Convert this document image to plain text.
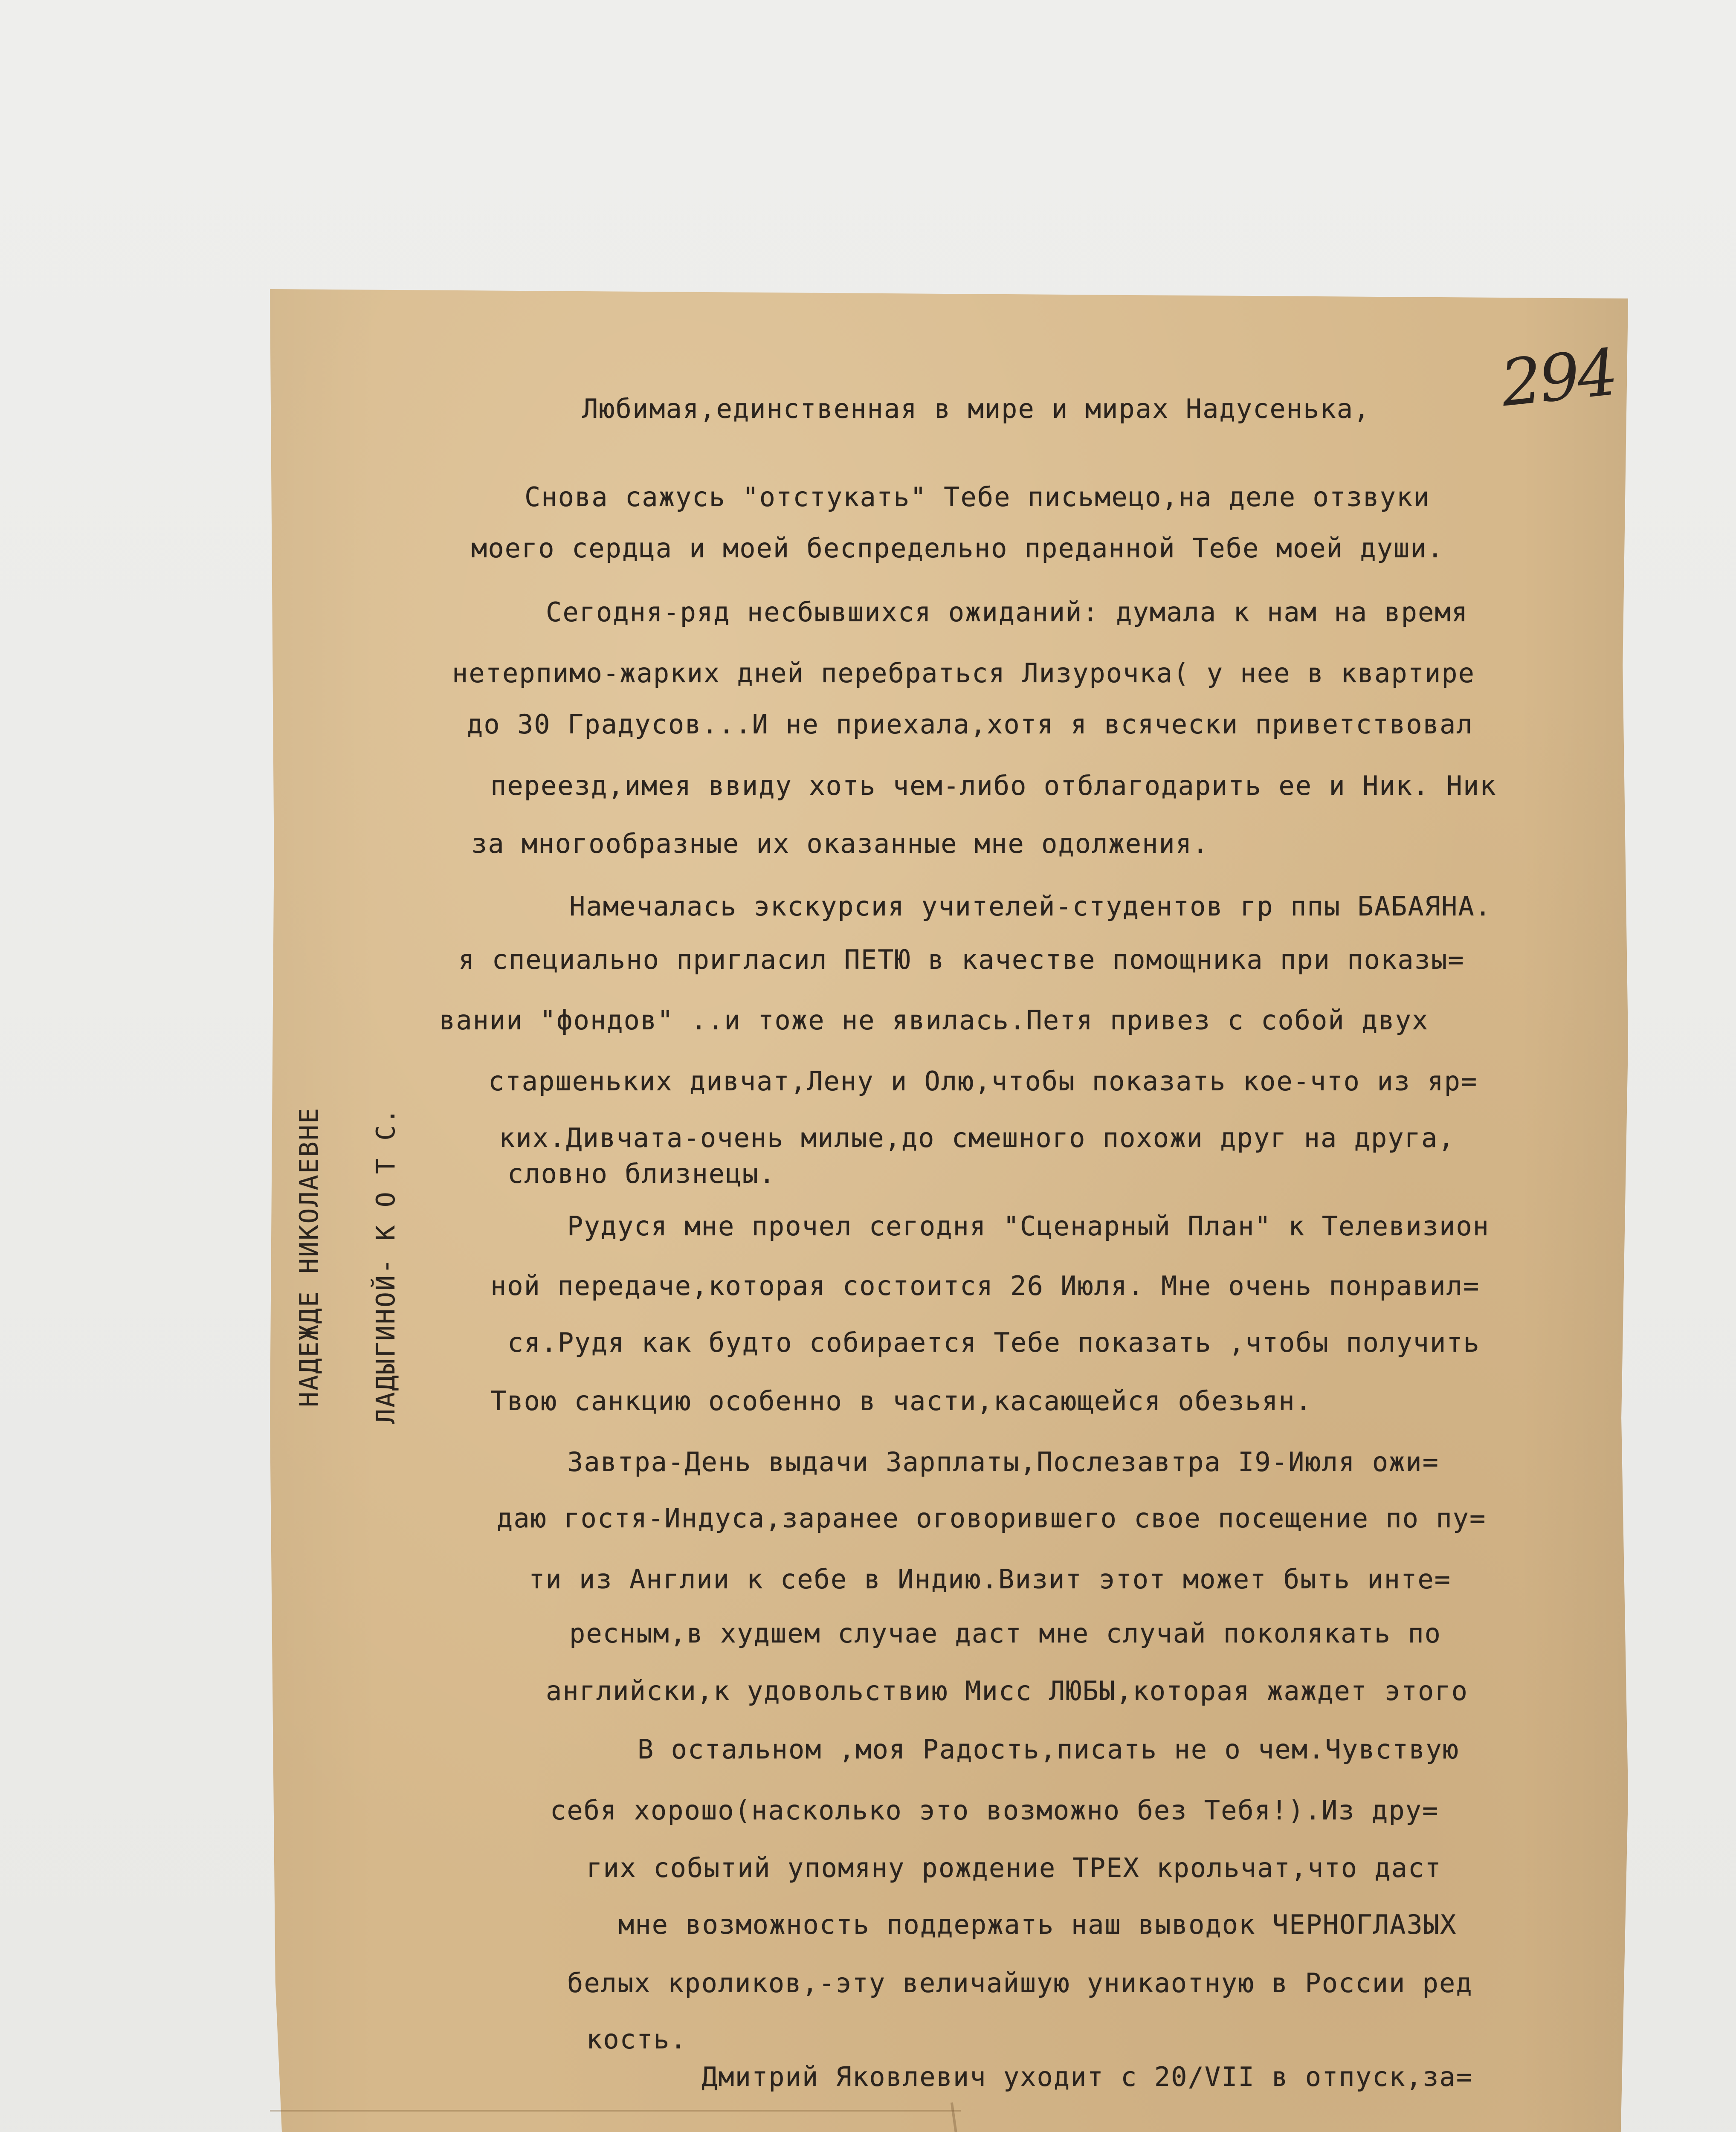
294
НАДЕЖДЕ НИКОЛАЕВНЕ ЛАДЫГИНОЙ- К О Т С.
Любимая,единственная в мире и мирах Надусенька,
Снова сажусь "отстукать" Тебе письмецо,на деле отзвуки
моего сердца и моей беспредельно преданной Тебе моей души.
Сегодня-ряд несбывшихся ожиданий: думала к нам на время
нетерпимо-жарких дней перебраться Лизурочка( у нее в квартире
до 30 Градусов...И не приехала,хотя я всячески приветствовал
переезд,имея ввиду хоть чем-либо отблагодарить ее и Ник. Ник
за многообразные их оказанные мне одолжения.
Намечалась экскурсия учителей-студентов гр ппы БАБАЯНА.
я специально пригласил ПЕТЮ в качестве помощника при показы=
вании "фондов" ..и тоже не явилась.Петя привез с собой двух
старшеньких дивчат,Лену и Олю,чтобы показать кое-что из яр=
ких.Дивчата-очень милые,до смешного похожи друг на друга,
словно близнецы.
Рудуся мне прочел сегодня "Сценарный План" к Телевизион
ной передаче,которая состоится 26 Июля. Мне очень понравил=
ся.Рудя как будто собирается Тебе показать ,чтобы получить
Твою санкцию особенно в части,касающейся обезьян.
Завтра-День выдачи Зарплаты,Послезавтра I9-Июля ожи=
даю гостя-Индуса,заранее оговорившего свое посещение по пу=
ти из Англии к себе в Индию.Визит этот может быть инте=
ресным,в худшем случае даст мне случай поколякать по
английски,к удовольствию Мисс ЛЮБЫ,которая жаждет этого
В остальном ,моя Радость,писать не о чем.Чувствую
себя хорошо(насколько это возможно без Тебя!).Из дру=
гих событий упомяну рождение ТРЕХ крольчат,что даст
мне возможность поддержать наш выводок ЧЕРНОГЛАЗЫХ
белых кроликов,-эту величайшую уникаотную в России ред
кость.
Дмитрий Яковлевич уходит с 20/VII в отпуск,за=
